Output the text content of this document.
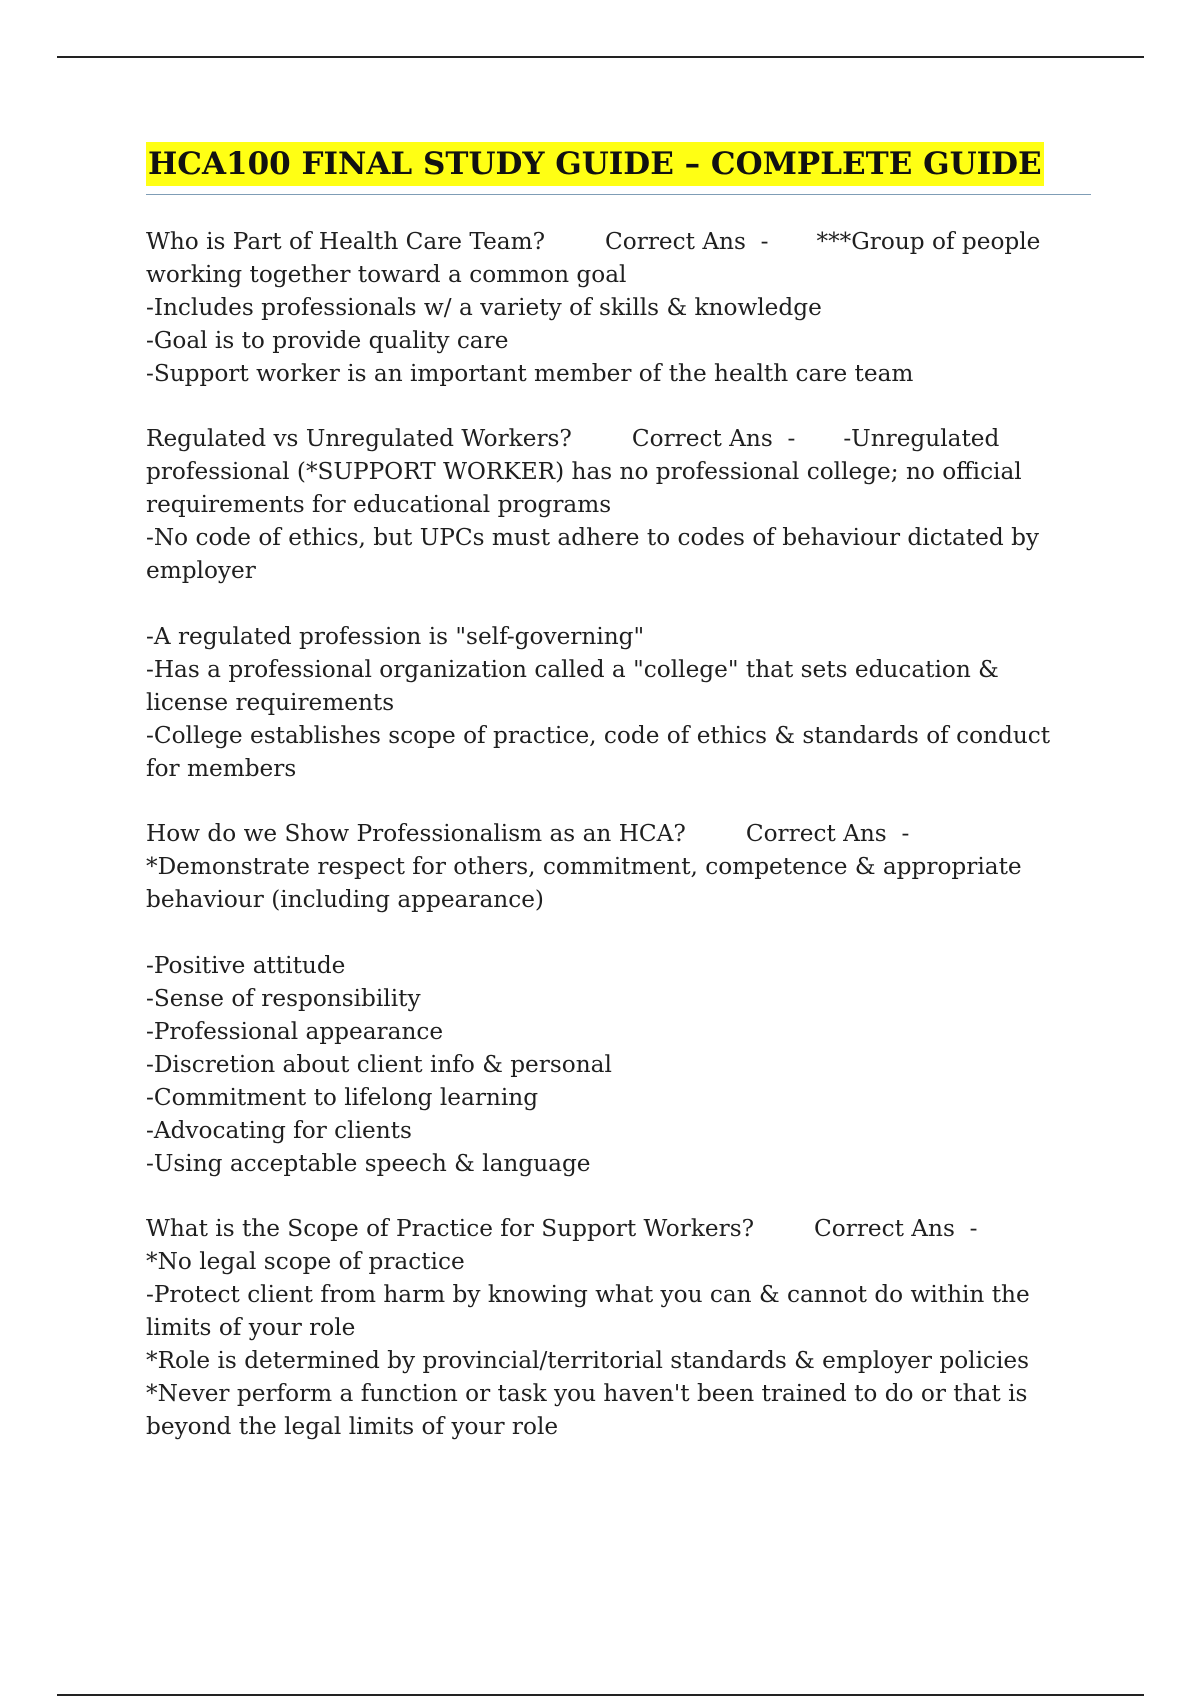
HCA100 FINAL STUDY GUIDE – COMPLETE GUIDE
Who is Part of Health Care Team?	Correct Ans  - ***Group of people
working together toward a common goal
-Includes professionals w/ a variety of skills & knowledge
-Goal is to provide quality care
-Support worker is an important member of the health care team
Regulated vs Unregulated Workers?	Correct Ans  - -Unregulated
professional (*SUPPORT WORKER) has no professional college; no official
requirements for educational programs
-No code of ethics, but UPCs must adhere to codes of behaviour dictated by
employer
-A regulated profession is "self-governing"
-Has a professional organization called a "college" that sets education &
license requirements
-College establishes scope of practice, code of ethics & standards of conduct
for members
How do we Show Professionalism as an HCA?	Correct Ans  -
*Demonstrate respect for others, commitment, competence & appropriate
behaviour (including appearance)
-Positive attitude
-Sense of responsibility
-Professional appearance
-Discretion about client info & personal
-Commitment to lifelong learning
-Advocating for clients
-Using acceptable speech & language
What is the Scope of Practice for Support Workers?	Correct Ans  -
*No legal scope of practice
-Protect client from harm by knowing what you can & cannot do within the
limits of your role
*Role is determined by provincial/territorial standards & employer policies
*Never perform a function or task you haven't been trained to do or that is
beyond the legal limits of your role
